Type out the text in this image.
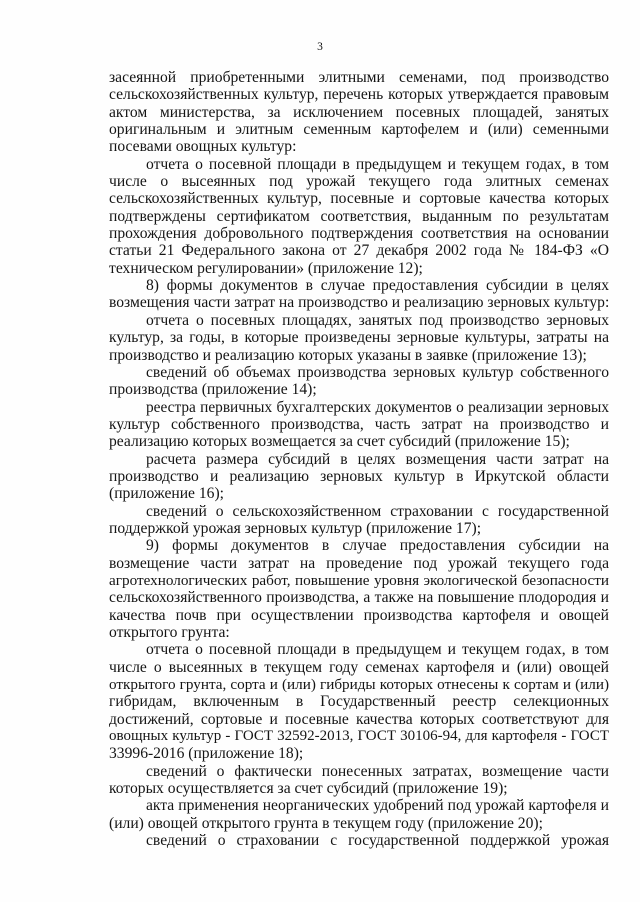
3
засеянной приобретенными элитными семенами, под производство
сельскохозяйственных культур, перечень которых утверждается правовым
актом министерства, за исключением посевных площадей, занятых
оригинальным и элитным семенным картофелем и (или) семенными
посевами овощных культур:
отчета о посевной площади в предыдущем и текущем годах, в том
числе о высеянных под урожай текущего года элитных семенах
сельскохозяйственных культур, посевные и сортовые качества которых
подтверждены сертификатом соответствия, выданным по результатам
прохождения добровольного подтверждения соответствия на основании
статьи 21 Федерального закона от 27 декабря 2002 года № 184-ФЗ «О
техническом регулировании» (приложение 12);
8) формы документов в случае предоставления субсидии в целях
возмещения части затрат на производство и реализацию зерновых культур:
отчета о посевных площадях, занятых под производство зерновых
культур, за годы, в которые произведены зерновые культуры, затраты на
производство и реализацию которых указаны в заявке (приложение 13);
сведений об объемах производства зерновых культур собственного
производства (приложение 14);
реестра первичных бухгалтерских документов о реализации зерновых
культур собственного производства, часть затрат на производство и
реализацию которых возмещается за счет субсидий (приложение 15);
расчета размера субсидий в целях возмещения части затрат на
производство и реализацию зерновых культур в Иркутской области
(приложение 16);
сведений о сельскохозяйственном страховании с государственной
поддержкой урожая зерновых культур (приложение 17);
9) формы документов в случае предоставления субсидии на
возмещение части затрат на проведение под урожай текущего года
агротехнологических работ, повышение уровня экологической безопасности
сельскохозяйственного производства, а также на повышение плодородия и
качества почв при осуществлении производства картофеля и овощей
открытого грунта:
отчета о посевной площади в предыдущем и текущем годах, в том
числе о высеянных в текущем году семенах картофеля и (или) овощей
открытого грунта, сорта и (или) гибриды которых отнесены к сортам и (или)
гибридам, включенным в Государственный реестр селекционных
достижений, сортовые и посевные качества которых соответствуют для
овощных культур - ГОСТ 32592-2013, ГОСТ 30106-94, для картофеля - ГОСТ
33996-2016 (приложение 18);
сведений о фактически понесенных затратах, возмещение части
которых осуществляется за счет субсидий (приложение 19);
акта применения неорганических удобрений под урожай картофеля и
(или) овощей открытого грунта в текущем году (приложение 20);
сведений о страховании с государственной поддержкой урожая
